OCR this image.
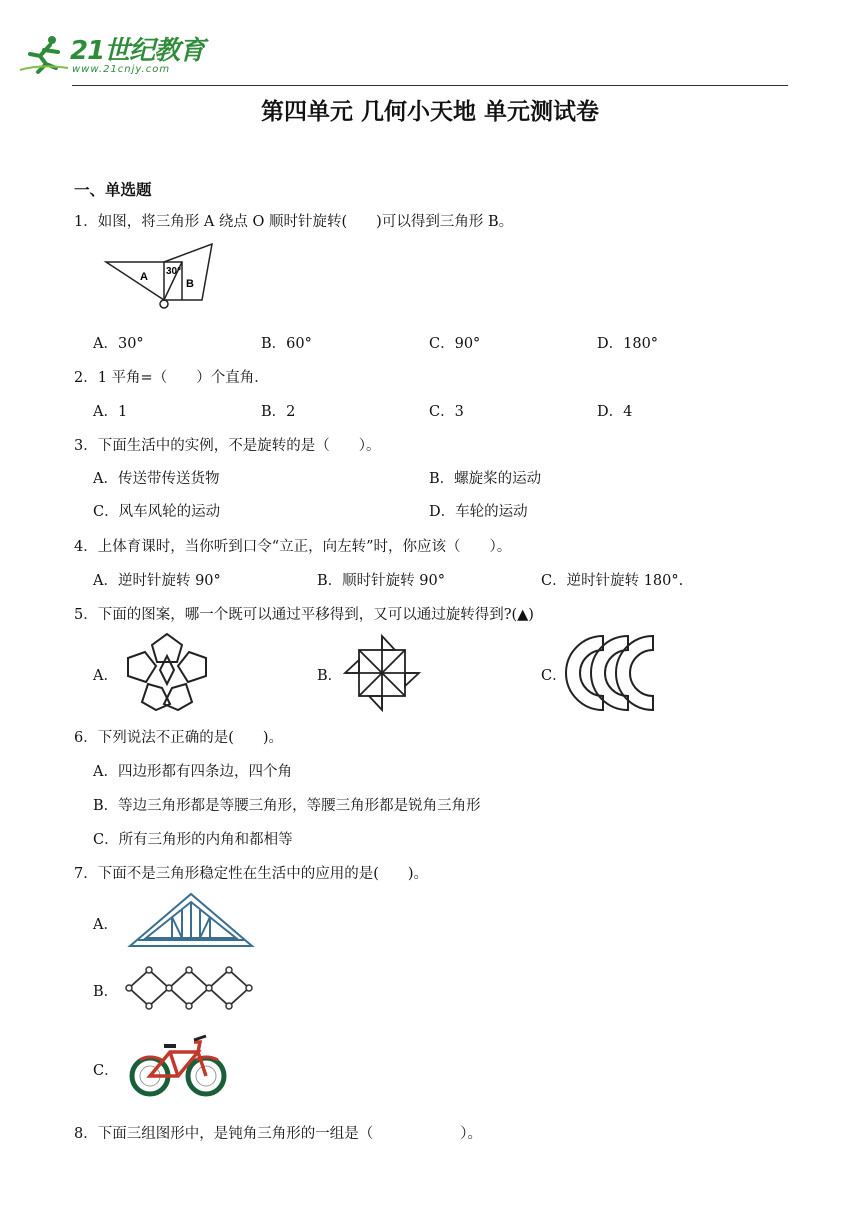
21世纪教育
www.21cnjy.com
第四单元 几何小天地 单元测试卷
一、单选题
1．如图，将三角形 A 绕点 O 顺时针旋转(　　)可以得到三角形 B。
A
B
30°
A．30°	B．60°	C．90°	D．180°
2．1 平角=（　　）个直角．
A．1	B．2	C．3	D．4
3．下面生活中的实例，不是旋转的是（　　）。
A．传送带传送货物	B．螺旋桨的运动
C．风车风轮的运动	D．车轮的运动
4．上体育课时，当你听到口令“立正，向左转”时，你应该（　　）。
A．逆时针旋转 90°	B．顺时针旋转 90°	C．逆时针旋转 180°.
5．下面的图案，哪一个既可以通过平移得到，又可以通过旋转得到?(▲)
A．	B．	C．
6．下列说法不正确的是(　　)。
A．四边形都有四条边，四个角
B．等边三角形都是等腰三角形，等腰三角形都是锐角三角形
C．所有三角形的内角和都相等
7．下面不是三角形稳定性在生活中的应用的是(　　)。
A．
B．
C．
8．下面三组图形中，是钝角三角形的一组是（　　　　　　）。
